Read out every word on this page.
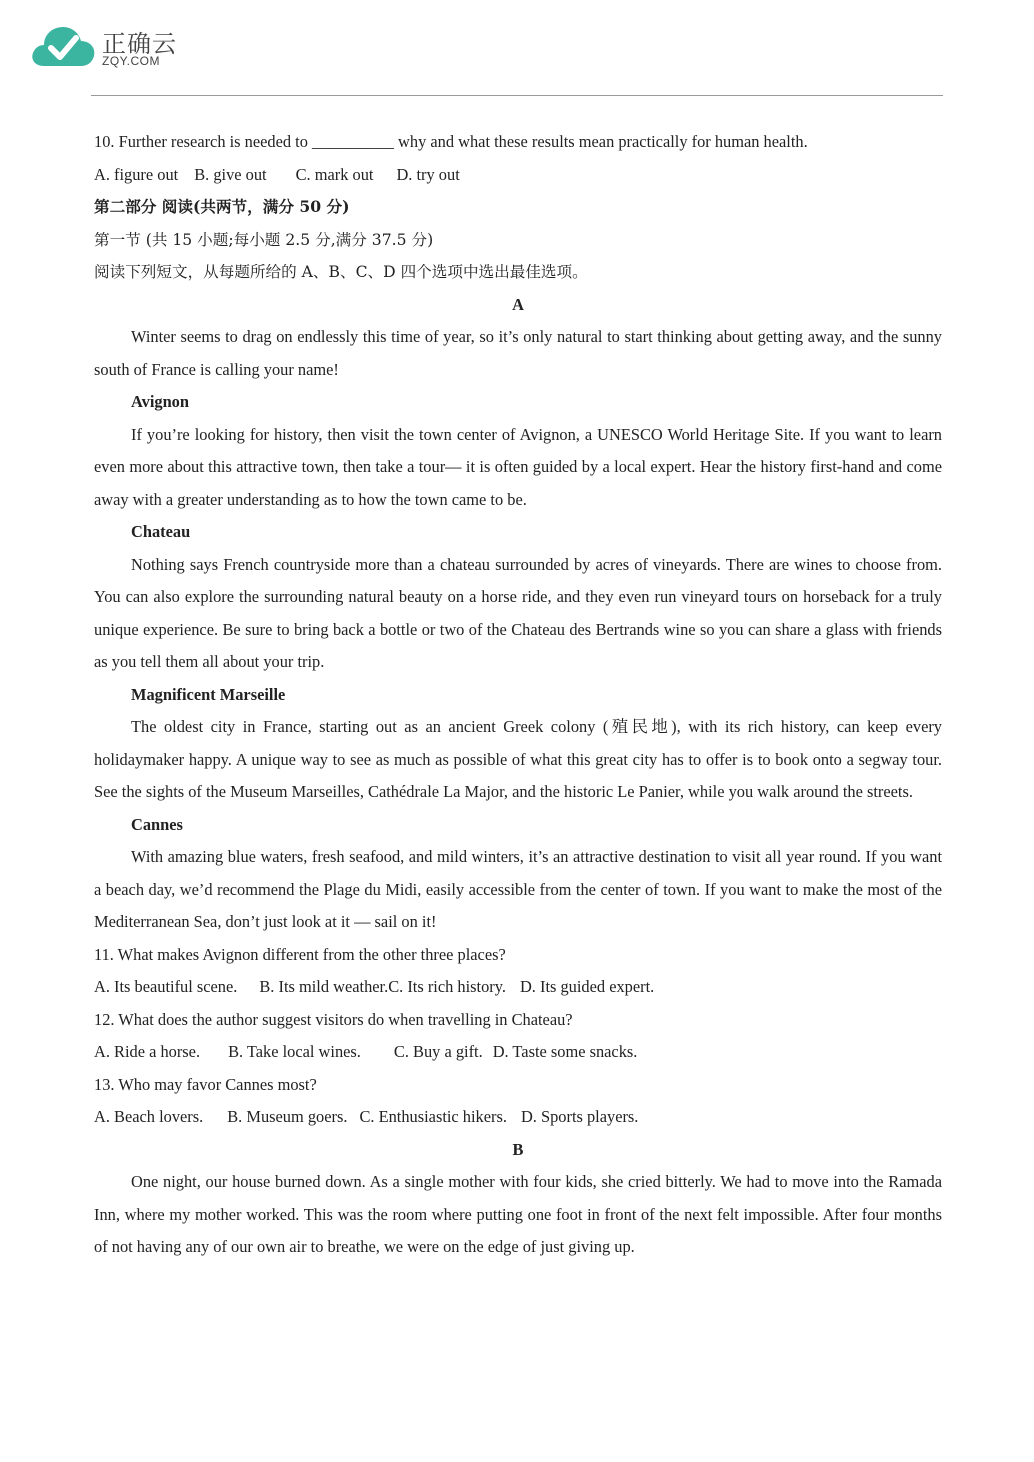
正确云
ZQY.COM
10. Further research is needed to __________ why and what these results mean practically for human health.
A. figure out B. give out C. mark out D. try out
第二部分 阅读(共两节，满分 50 分)
第一节 (共 15 小题;每小题 2.5 分,满分 37.5 分)
阅读下列短文，从每题所给的 A、B、C、D 四个选项中选出最佳选项。
A
Winter seems to drag on endlessly this time of year, so it’s only natural to start thinking about getting away, and the sunny south of France is calling your name!
Avignon
If you’re looking for history, then visit the town center of Avignon, a UNESCO World Heritage Site. If you want to learn even more about this attractive town, then take a tour— it is often guided by a local expert. Hear the history first-hand and come away with a greater understanding as to how the town came to be.
Chateau
Nothing says French countryside more than a chateau surrounded by acres of vineyards. There are wines to choose from. You can also explore the surrounding natural beauty on a horse ride, and they even run vineyard tours on horseback for a truly unique experience. Be sure to bring back a bottle or two of the Chateau des Bertrands wine so you can share a glass with friends as you tell them all about your trip.
Magnificent Marseille
The oldest city in France, starting out as an ancient Greek colony (殖民地), with its rich history, can keep every holidaymaker happy. A unique way to see as much as possible of what this great city has to offer is to book onto a segway tour. See the sights of the Museum Marseilles, Cathédrale La Major, and the historic Le Panier, while you walk around the streets.
Cannes
With amazing blue waters, fresh seafood, and mild winters, it’s an attractive destination to visit all year round. If you want a beach day, we’d recommend the Plage du Midi, easily accessible from the center of town. If you want to make the most of the Mediterranean Sea, don’t just look at it — sail on it!
11. What makes Avignon different from the other three places?
A. Its beautiful scene. B. Its mild weather.C. Its rich history. D. Its guided expert.
12. What does the author suggest visitors do when travelling in Chateau?
A. Ride a horse. B. Take local wines. C. Buy a gift. D. Taste some snacks.
13. Who may favor Cannes most?
A. Beach lovers. B. Museum goers. C. Enthusiastic hikers. D. Sports players.
B
One night, our house burned down. As a single mother with four kids, she cried bitterly. We had to move into the Ramada Inn, where my mother worked. This was the room where putting one foot in front of the next felt impossible. After four months of not having any of our own air to breathe, we were on the edge of just giving up.
